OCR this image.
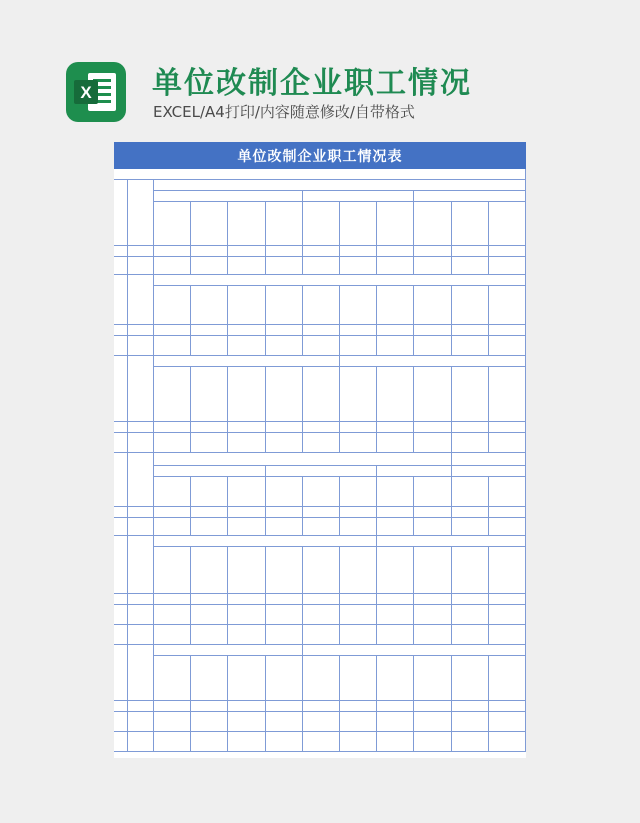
X 单位改制企业职工情况
EXCEL/A4打印/内容随意修改/自带格式
单位改制企业职工情况表
